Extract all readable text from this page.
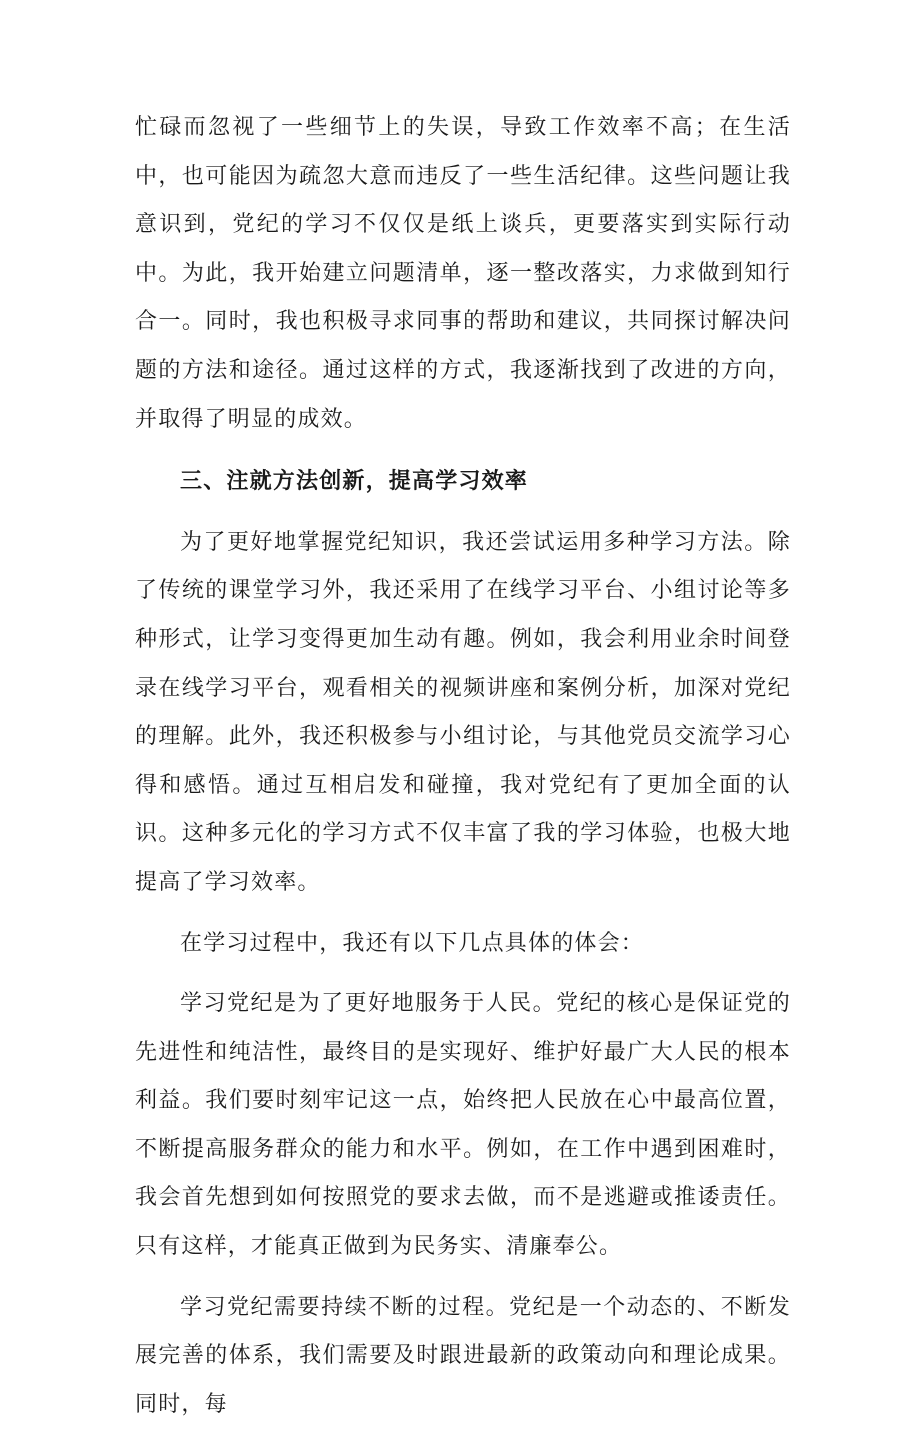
忙碌而忽视了一些细节上的失误，导致工作效率不高；在生活中，也可能因为疏忽大意而违反了一些生活纪律。这些问题让我意识到，党纪的学习不仅仅是纸上谈兵，更要落实到实际行动中。为此，我开始建立问题清单，逐一整改落实，力求做到知行合一。同时，我也积极寻求同事的帮助和建议，共同探讨解决问题的方法和途径。通过这样的方式，我逐渐找到了改进的方向，并取得了明显的成效。

三、注就方法创新，提高学习效率

为了更好地掌握党纪知识，我还尝试运用多种学习方法。除了传统的课堂学习外，我还采用了在线学习平台、小组讨论等多种形式，让学习变得更加生动有趣。例如，我会利用业余时间登录在线学习平台，观看相关的视频讲座和案例分析，加深对党纪的理解。此外，我还积极参与小组讨论，与其他党员交流学习心得和感悟。通过互相启发和碰撞，我对党纪有了更加全面的认识。这种多元化的学习方式不仅丰富了我的学习体验，也极大地提高了学习效率。

在学习过程中，我还有以下几点具体的体会：

学习党纪是为了更好地服务于人民。党纪的核心是保证党的先进性和纯洁性，最终目的是实现好、维护好最广大人民的根本利益。我们要时刻牢记这一点，始终把人民放在心中最高位置，不断提高服务群众的能力和水平。例如，在工作中遇到困难时，我会首先想到如何按照党的要求去做，而不是逃避或推诿责任。只有这样，才能真正做到为民务实、清廉奉公。

学习党纪需要持续不断的过程。党纪是一个动态的、不断发展完善的体系，我们需要及时跟进最新的政策动向和理论成果。同时，每
